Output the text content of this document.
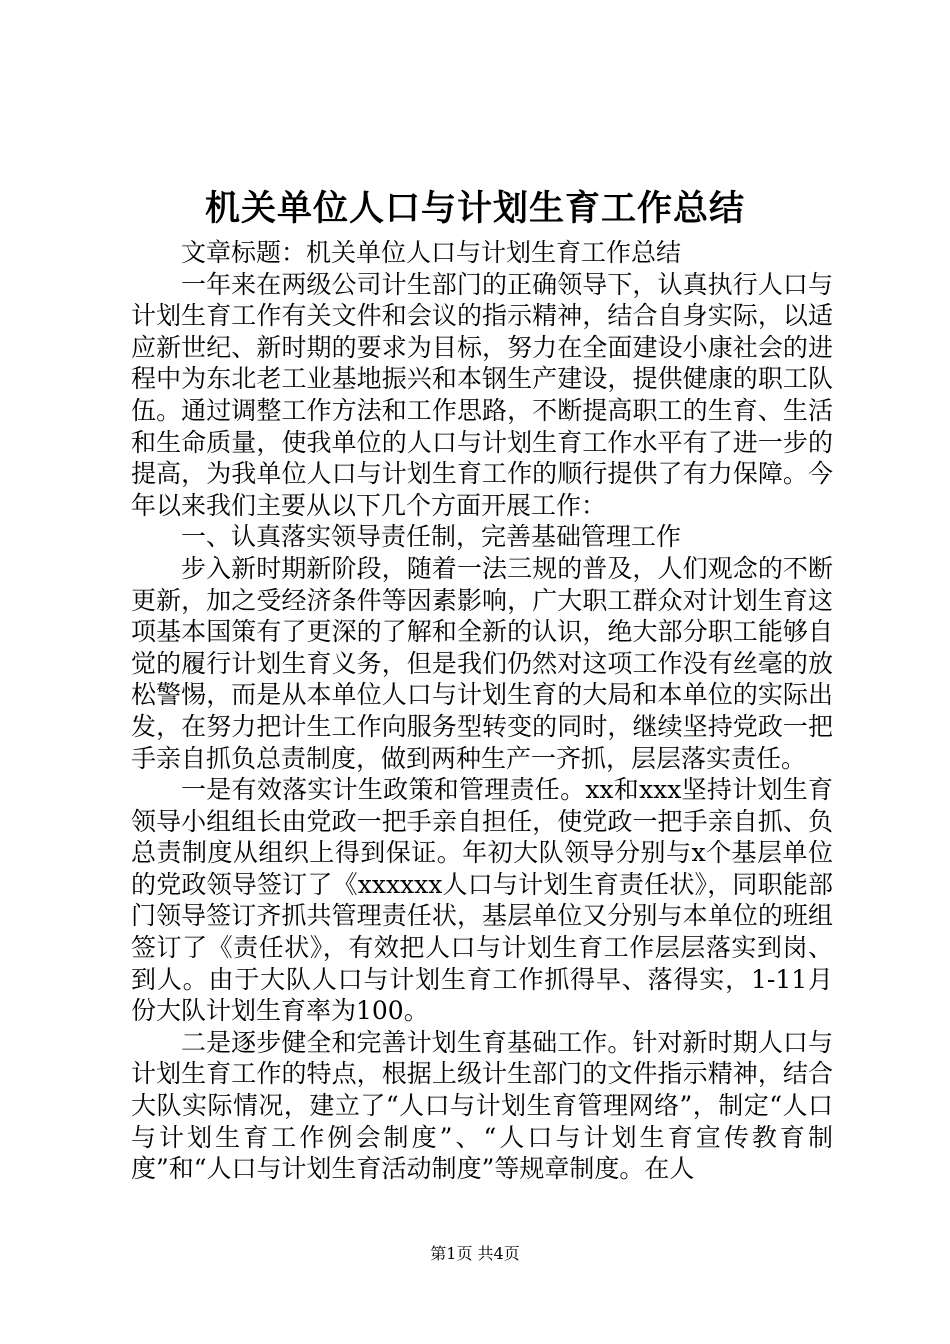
机关单位人口与计划生育工作总结

文章标题：机关单位人口与计划生育工作总结

一年来在两级公司计生部门的正确领导下，认真执行人口与计划生育工作有关文件和会议的指示精神，结合自身实际，以适应新世纪、新时期的要求为目标，努力在全面建设小康社会的进程中为东北老工业基地振兴和本钢生产建设，提供健康的职工队伍。通过调整工作方法和工作思路，不断提高职工的生育、生活和生命质量，使我单位的人口与计划生育工作水平有了进一步的提高，为我单位人口与计划生育工作的顺行提供了有力保障。今年以来我们主要从以下几个方面开展工作：

一、认真落实领导责任制，完善基础管理工作

步入新时期新阶段，随着一法三规的普及，人们观念的不断更新，加之受经济条件等因素影响，广大职工群众对计划生育这项基本国策有了更深的了解和全新的认识，绝大部分职工能够自觉的履行计划生育义务，但是我们仍然对这项工作没有丝毫的放松警惕，而是从本单位人口与计划生育的大局和本单位的实际出发，在努力把计生工作向服务型转变的同时，继续坚持党政一把手亲自抓负总责制度，做到两种生产一齐抓，层层落实责任。

一是有效落实计生政策和管理责任。xx和xxx坚持计划生育领导小组组长由党政一把手亲自担任，使党政一把手亲自抓、负总责制度从组织上得到保证。年初大队领导分别与x个基层单位的党政领导签订了《xxxxxx人口与计划生育责任状》，同职能部门领导签订齐抓共管理责任状，基层单位又分别与本单位的班组签订了《责任状》，有效把人口与计划生育工作层层落实到岗、到人。由于大队人口与计划生育工作抓得早、落得实，1-11月份大队计划生育率为100。

二是逐步健全和完善计划生育基础工作。针对新时期人口与计划生育工作的特点，根据上级计生部门的文件指示精神，结合大队实际情况，建立了“人口与计划生育管理网络”，制定“人口与计划生育工作例会制度”、“人口与计划生育宣传教育制度”和“人口与计划生育活动制度”等规章制度。在人

第1页 共4页
